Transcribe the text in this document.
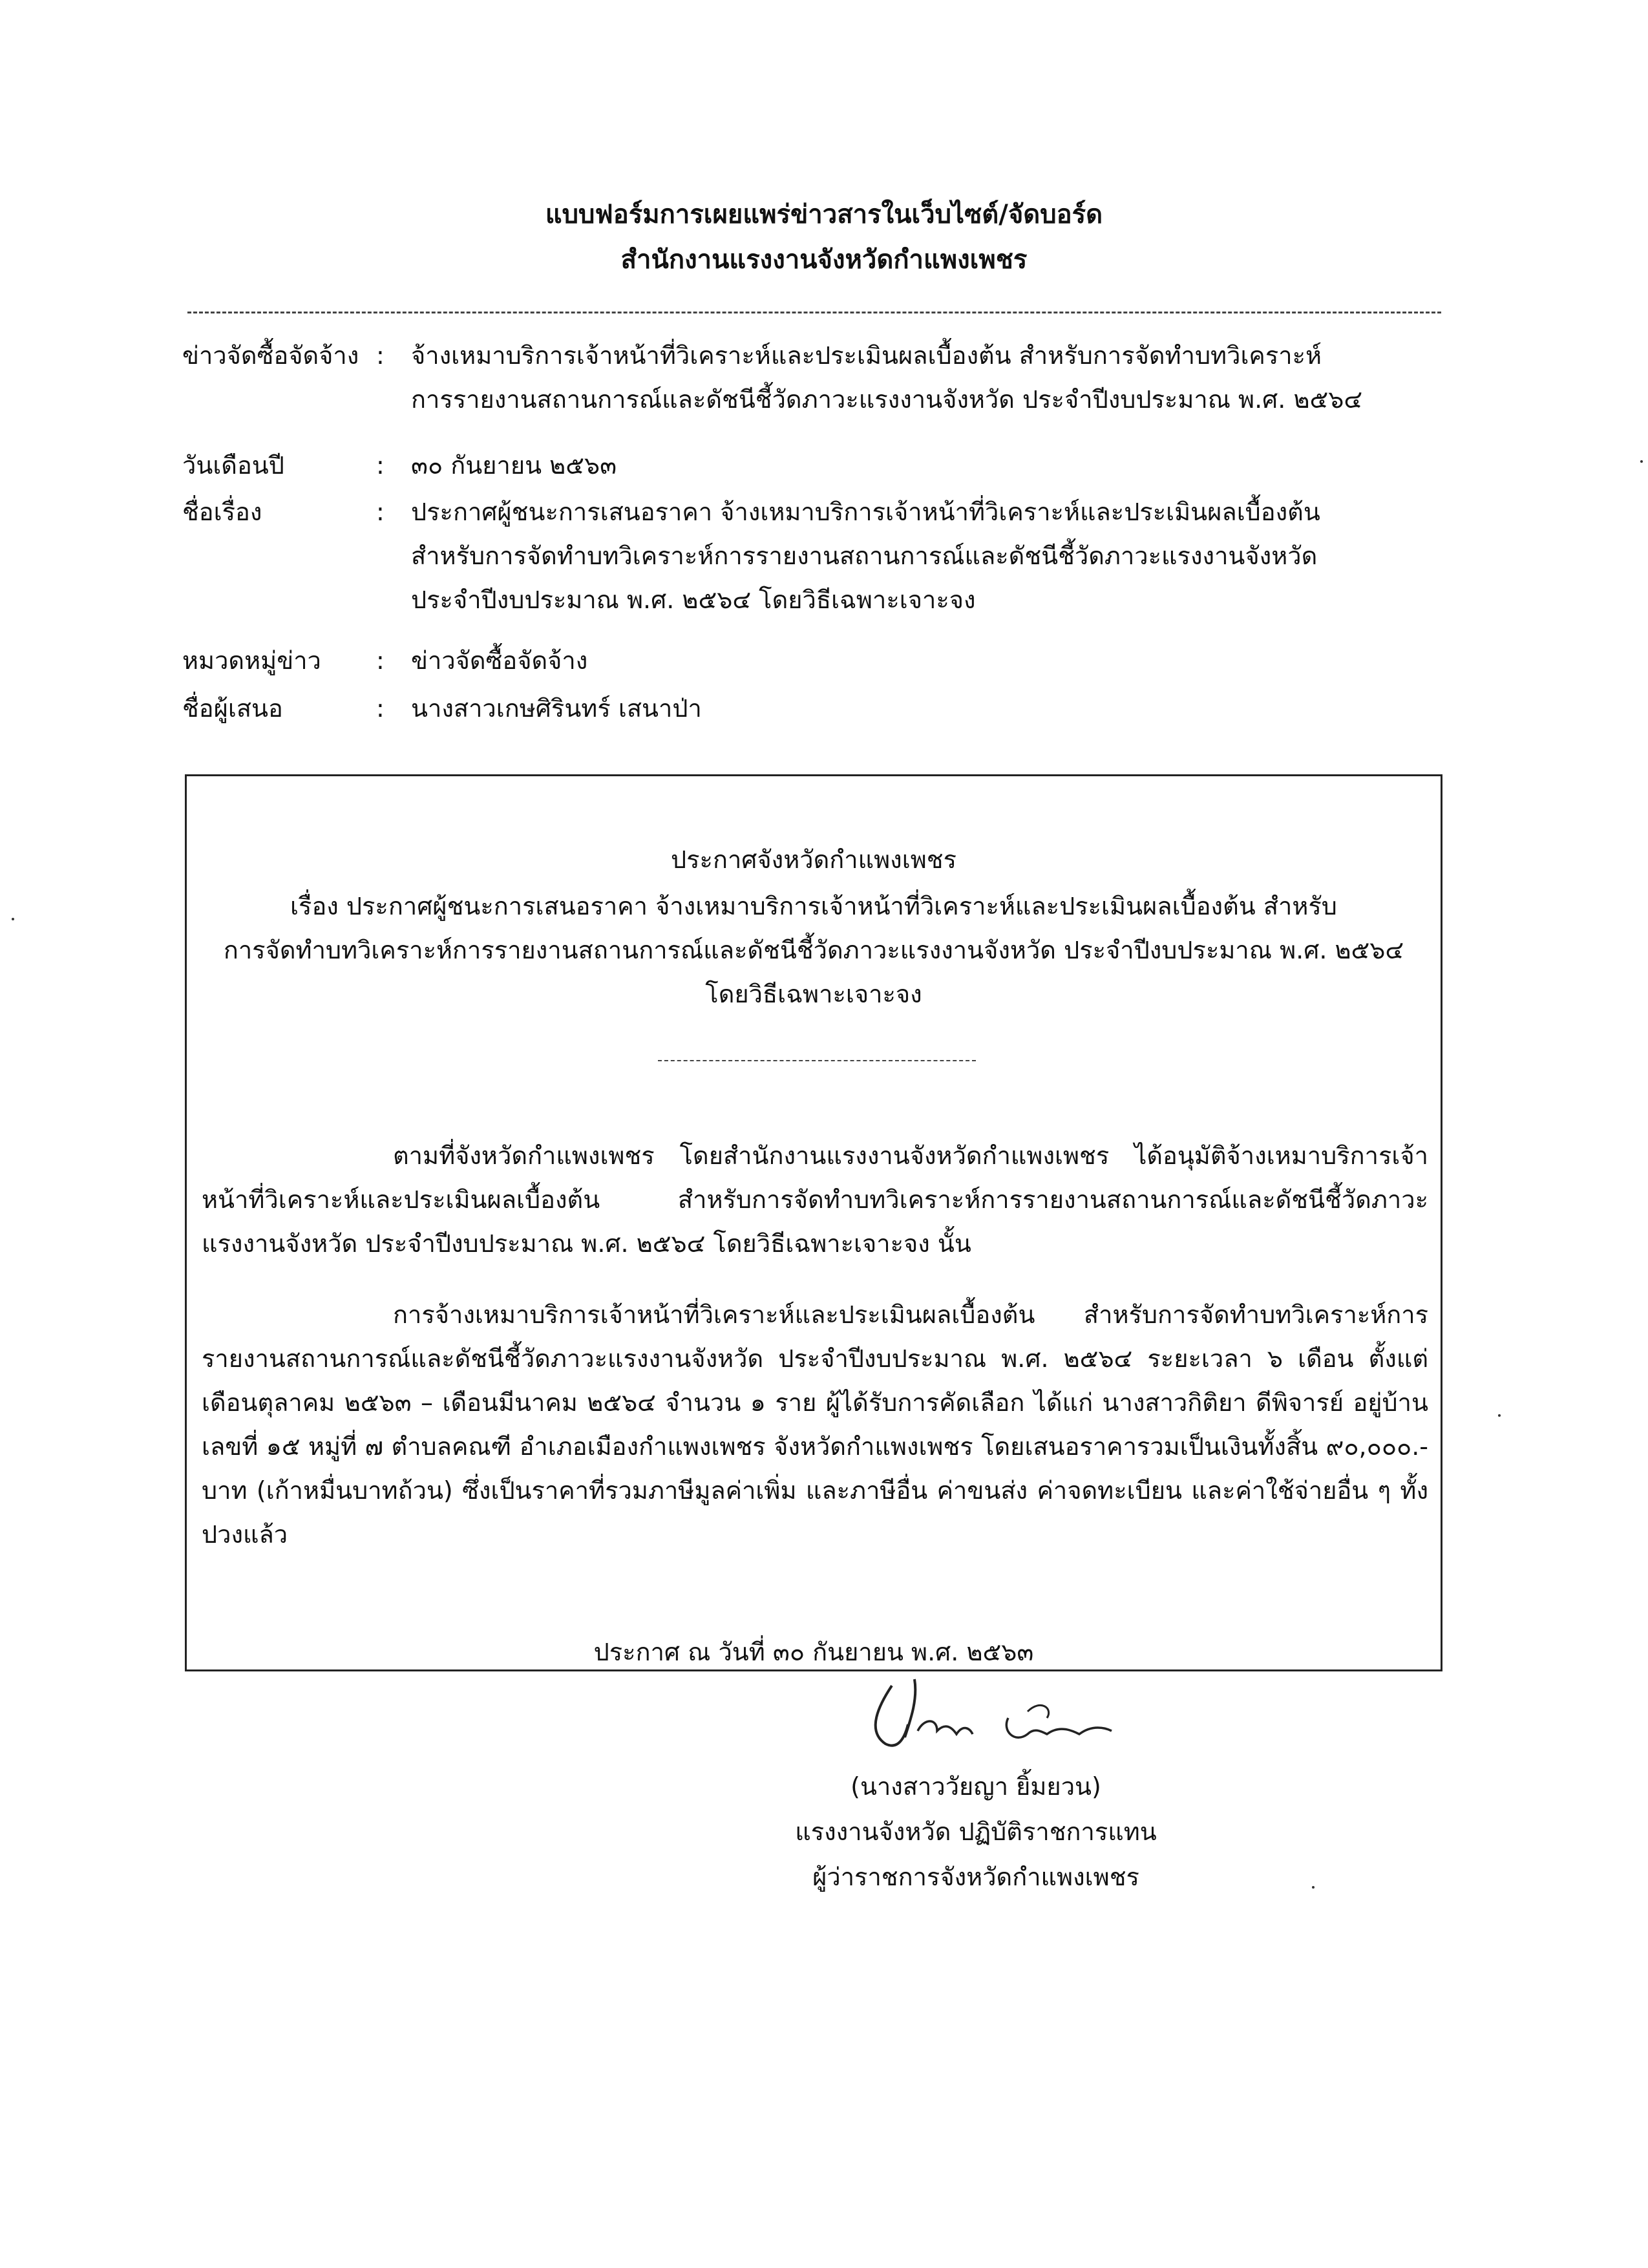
แบบฟอร์มการเผยแพร่ข่าวสารในเว็บไซต์/จัดบอร์ด
สำนักงานแรงงานจังหวัดกำแพงเพชร
ข่าวจัดซื้อจัดจ้าง : จ้างเหมาบริการเจ้าหน้าที่วิเคราะห์และประเมินผลเบื้องต้น สำหรับการจัดทำบทวิเคราะห์
การรายงานสถานการณ์และดัชนีชี้วัดภาวะแรงงานจังหวัด ประจำปีงบประมาณ พ.ศ. ๒๕๖๔
วันเดือนปี	: ๓๐ กันยายน ๒๕๖๓
ชื่อเรื่อง	: ประกาศผู้ชนะการเสนอราคา จ้างเหมาบริการเจ้าหน้าที่วิเคราะห์และประเมินผลเบื้องต้น
สำหรับการจัดทำบทวิเคราะห์การรายงานสถานการณ์และดัชนีชี้วัดภาวะแรงงานจังหวัด
ประจำปีงบประมาณ พ.ศ. ๒๕๖๔ โดยวิธีเฉพาะเจาะจง
หมวดหมู่ข่าว : ข่าวจัดซื้อจัดจ้าง
ชื่อผู้เสนอ	: นางสาวเกษศิรินทร์ เสนาป่า
ประกาศจังหวัดกำแพงเพชร
เรื่อง ประกาศผู้ชนะการเสนอราคา จ้างเหมาบริการเจ้าหน้าที่วิเคราะห์และประเมินผลเบื้องต้น สำหรับ
การจัดทำบทวิเคราะห์การรายงานสถานการณ์และดัชนีชี้วัดภาวะแรงงานจังหวัด ประจำปีงบประมาณ พ.ศ. ๒๕๖๔
โดยวิธีเฉพาะเจาะจง
ตามที่จังหวัดกำแพงเพชร โดยสำนักงานแรงงานจังหวัดกำแพงเพชร ได้อนุมัติจ้างเหมาบริการเจ้าหน้าที่วิเคราะห์และประเมินผลเบื้องต้น สำหรับการจัดทำบทวิเคราะห์การรายงานสถานการณ์และดัชนีชี้วัดภาวะแรงงานจังหวัด ประจำปีงบประมาณ พ.ศ. ๒๕๖๔ โดยวิธีเฉพาะเจาะจง นั้น
การจ้างเหมาบริการเจ้าหน้าที่วิเคราะห์และประเมินผลเบื้องต้น สำหรับการจัดทำบทวิเคราะห์การรายงานสถานการณ์และดัชนีชี้วัดภาวะแรงงานจังหวัด ประจำปีงบประมาณ พ.ศ. ๒๕๖๔ ระยะเวลา ๖ เดือน ตั้งแต่เดือนตุลาคม ๒๕๖๓ – เดือนมีนาคม ๒๕๖๔ จำนวน ๑ ราย ผู้ได้รับการคัดเลือก ได้แก่ นางสาวกิติยา ดีพิจารย์ อยู่บ้านเลขที่ ๑๕ หมู่ที่ ๗ ตำบลคณฑี อำเภอเมืองกำแพงเพชร จังหวัดกำแพงเพชร โดยเสนอราคารวมเป็นเงินทั้งสิ้น ๙๐,๐๐๐.- บาท (เก้าหมื่นบาทถ้วน) ซึ่งเป็นราคาที่รวมภาษีมูลค่าเพิ่ม และภาษีอื่น ค่าขนส่ง ค่าจดทะเบียน และค่าใช้จ่ายอื่น ๆ ทั้งปวงแล้ว
ประกาศ ณ วันที่ ๓๐ กันยายน พ.ศ. ๒๕๖๓
(นางสาววัยญา ยิ้มยวน)
แรงงานจังหวัด ปฏิบัติราชการแทน
ผู้ว่าราชการจังหวัดกำแพงเพชร
